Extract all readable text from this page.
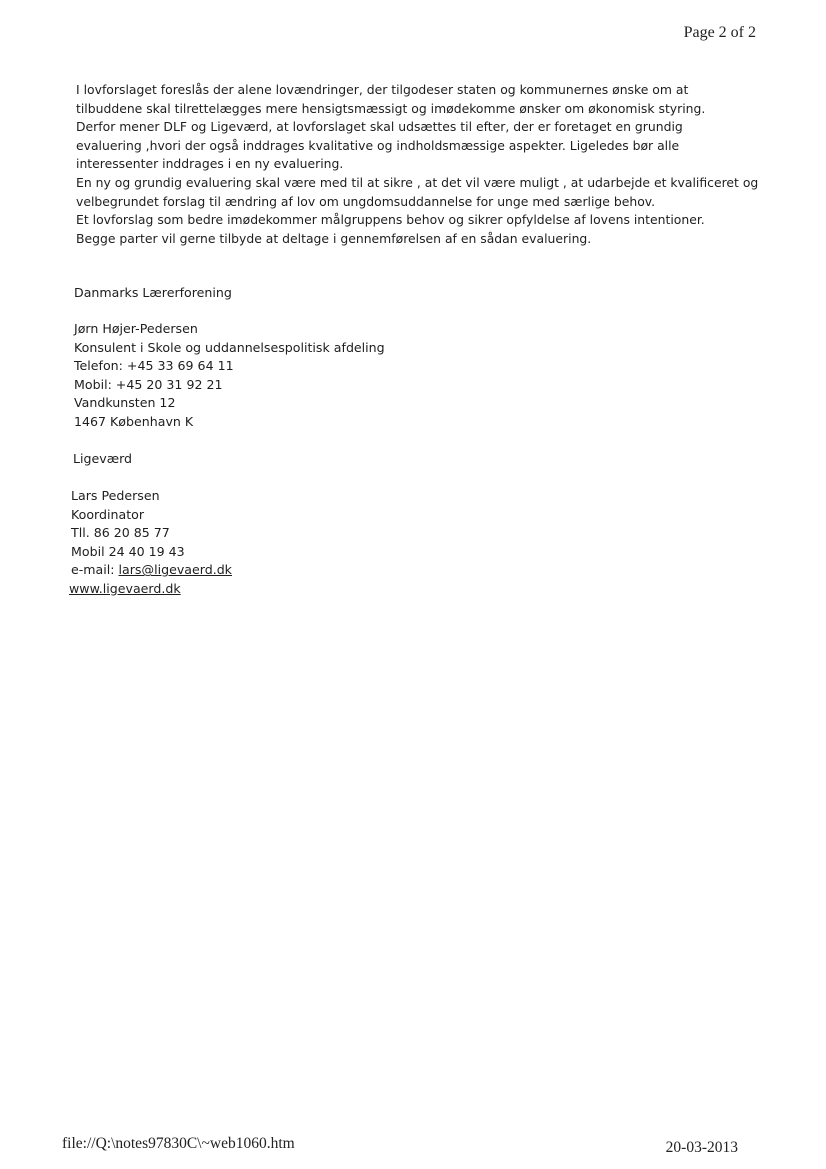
Page 2 of 2
I lovforslaget foreslås der alene lovændringer, der tilgodeser staten og kommunernes ønske om at
tilbuddene skal tilrettelægges mere hensigtsmæssigt og imødekomme ønsker om økonomisk styring.
Derfor mener DLF og Ligeværd, at lovforslaget skal udsættes til efter, der er foretaget en grundig
evaluering ,hvori der også inddrages kvalitative og indholdsmæssige aspekter. Ligeledes bør alle
interessenter inddrages i en ny evaluering.
En ny og grundig evaluering skal være med til at sikre , at det vil være muligt , at udarbejde et kvalificeret og
velbegrundet forslag til ændring af lov om ungdomsuddannelse for unge med særlige behov.
Et lovforslag som bedre imødekommer målgruppens behov og sikrer opfyldelse af lovens intentioner.
Begge parter vil gerne tilbyde at deltage i gennemførelsen af en sådan evaluering.
Danmarks Lærerforening
Jørn Højer-Pedersen
Konsulent i Skole og uddannelsespolitisk afdeling
Telefon: +45 33 69 64 11
Mobil: +45 20 31 92 21
Vandkunsten 12
1467 København K
Ligeværd
Lars Pedersen
Koordinator
Tll. 86 20 85 77
Mobil 24 40 19 43
e-mail: lars@ligevaerd.dk
www.ligevaerd.dk
file://Q:\notes97830C\~web1060.htm	20-03-2013
